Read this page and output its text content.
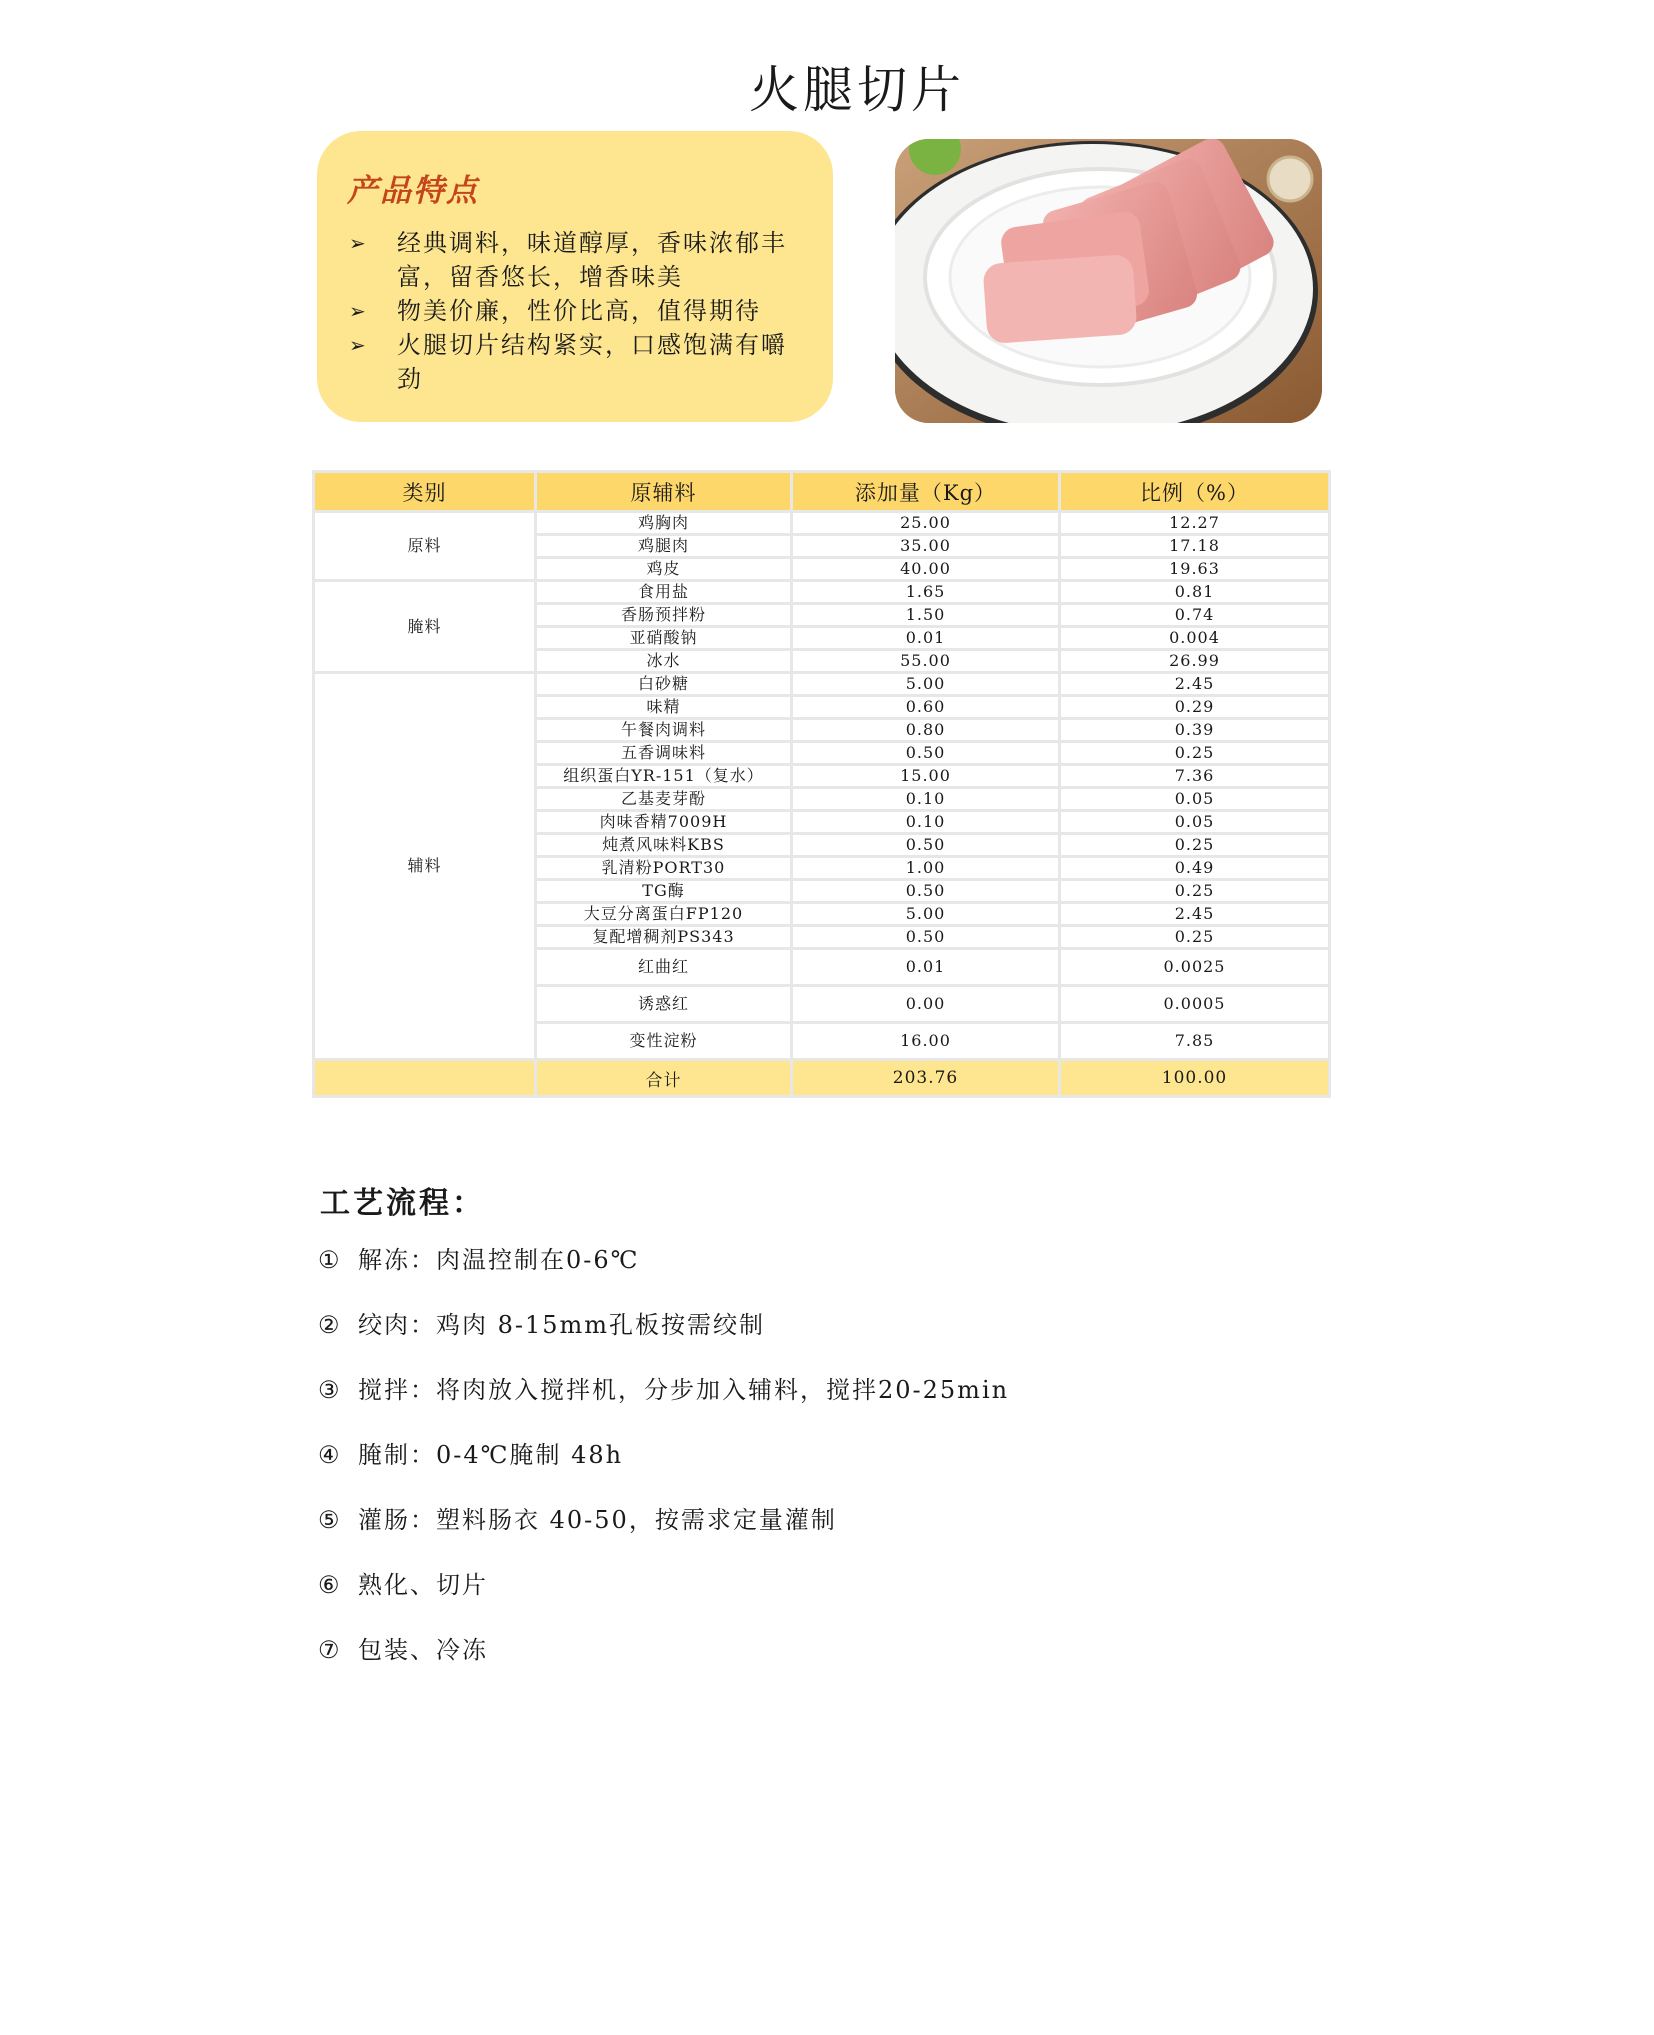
火腿切片
产品特点
➢	经典调料，味道醇厚，香味浓郁丰富，留香悠长，增香味美
➢	物美价廉，性价比高，值得期待
➢	火腿切片结构紧实，口感饱满有嚼劲
类别	原辅料	添加量（Kg）	比例（%）
原料	鸡胸肉	25.00	12.27
	鸡腿肉	35.00	17.18
	鸡皮	40.00	19.63
腌料	食用盐	1.65	0.81
	香肠预拌粉	1.50	0.74
	亚硝酸钠	0.01	0.004
	冰水	55.00	26.99
辅料	白砂糖	5.00	2.45
	味精	0.60	0.29
	午餐肉调料	0.80	0.39
	五香调味料	0.50	0.25
	组织蛋白YR-151（复水）	15.00	7.36
	乙基麦芽酚	0.10	0.05
	肉味香精7009H	0.10	0.05
	炖煮风味料KBS	0.50	0.25
	乳清粉PORT30	1.00	0.49
	TG酶	0.50	0.25
	大豆分离蛋白FP120	5.00	2.45
	复配增稠剂PS343	0.50	0.25
	红曲红	0.01	0.0025
	诱惑红	0.00	0.0005
	变性淀粉	16.00	7.85
	合计	203.76	100.00
工艺流程：
① 解冻：肉温控制在0-6℃
② 绞肉：鸡肉 8-15mm孔板按需绞制
③ 搅拌：将肉放入搅拌机，分步加入辅料，搅拌20-25min
④ 腌制：0-4℃腌制 48h
⑤ 灌肠：塑料肠衣 40-50，按需求定量灌制
⑥ 熟化、切片
⑦ 包装、冷冻
